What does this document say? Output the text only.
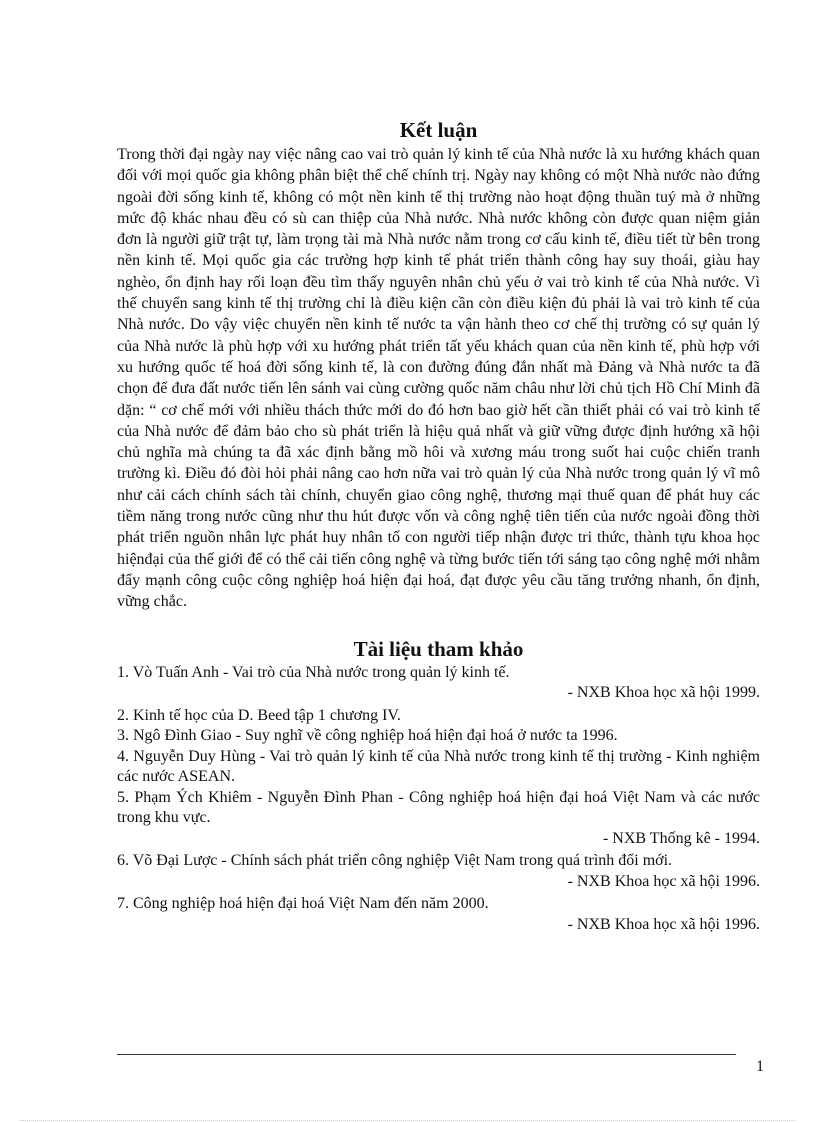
Kết luận

Trong thời đại ngày nay việc nâng cao vai trò quản lý kinh tế của Nhà nước là xu hướng khách quan đối với mọi quốc gia không phân biệt thể chế chính trị. Ngày nay không có một Nhà nước nào đứng ngoài đời sống kinh tế, không có một nền kinh tế thị trường nào hoạt động thuần tuý mà ở những mức độ khác nhau đều có sù can thiệp của Nhà nước. Nhà nước không còn được quan niệm giản đơn là người giữ trật tự, làm trọng tài mà Nhà nước nằm trong cơ cấu kinh tế, điều tiết từ bên trong nền kinh tế. Mọi quốc gia các trường hợp kinh tế phát triển thành công hay suy thoái, giàu hay nghèo, ổn định hay rối loạn đều tìm thấy nguyên nhân chủ yếu ở vai trò kinh tế của Nhà nước. Vì thế chuyển sang kinh tế thị trường chỉ là điều kiện cần còn điều kiện đủ phải là vai trò kinh tế của Nhà nước. Do vậy việc chuyển nền kinh tế nước ta vận hành theo cơ chế thị trường có sự quản lý của Nhà nước là phù hợp với xu hướng phát triển tất yếu khách quan của nền kinh tế, phù hợp với xu hướng quốc tế hoá đời sống kinh tế, là con đường đúng đắn nhất mà Đảng và Nhà nước ta đã chọn để đưa đất nước tiến lên sánh vai cùng cường quốc năm châu như lời chủ tịch Hồ Chí Minh đã dặn: “ cơ chế mới với nhiều thách thức mới do đó hơn bao giờ hết cần thiết phải có vai trò kinh tế của Nhà nước để đảm bảo cho sù phát triển là hiệu quả nhất và giữ vững được định hướng xã hội chủ nghĩa mà chúng ta đã xác định bằng mồ hôi và xương máu trong suốt hai cuộc chiến tranh trường kì. Điều đó đòi hỏi phải nâng cao hơn nữa vai trò quản lý của Nhà nước trong quản lý vĩ mô như cải cách chính sách tài chính, chuyển giao công nghệ, thương mại thuế quan để phát huy các tiềm năng trong nước cũng như thu hút được vốn và công nghệ tiên tiến của nước ngoài đồng thời phát triển nguồn nhân lực phát huy nhân tố con người tiếp nhận được tri thức, thành tựu khoa học hiệnđại của thế giới để có thể cải tiến công nghệ và từng bước tiến tới sáng tạo công nghệ mới nhằm đẩy mạnh công cuộc công nghiệp hoá hiện đại hoá, đạt được yêu cầu tăng trưởng nhanh, ổn định, vững chắc.

Tài liệu tham khảo

1. Vò Tuấn Anh - Vai trò của Nhà nước trong quản lý kinh tế.

- NXB Khoa học xã hội 1999.

2. Kinh tế học của D. Beed tập 1 chương IV.

3. Ngô Đình Giao - Suy nghĩ về công nghiệp hoá hiện đại hoá ở nước ta 1996.

4. Nguyễn Duy Hùng - Vai trò quản lý kinh tế của Nhà nước trong kinh tế thị trường - Kinh nghiệm các nước ASEAN.

5. Phạm Ých Khiêm - Nguyễn Đình Phan - Công nghiệp hoá hiện đại hoá Việt Nam và các nước trong khu vực.

- NXB Thống kê - 1994.

6. Võ Đại Lược - Chính sách phát triển công nghiệp Việt Nam trong quá trình đổi mới.

- NXB Khoa học xã hội 1996.

7. Công nghiệp hoá hiện đại hoá Việt Nam đến năm 2000.

- NXB Khoa học xã hội 1996.

1
